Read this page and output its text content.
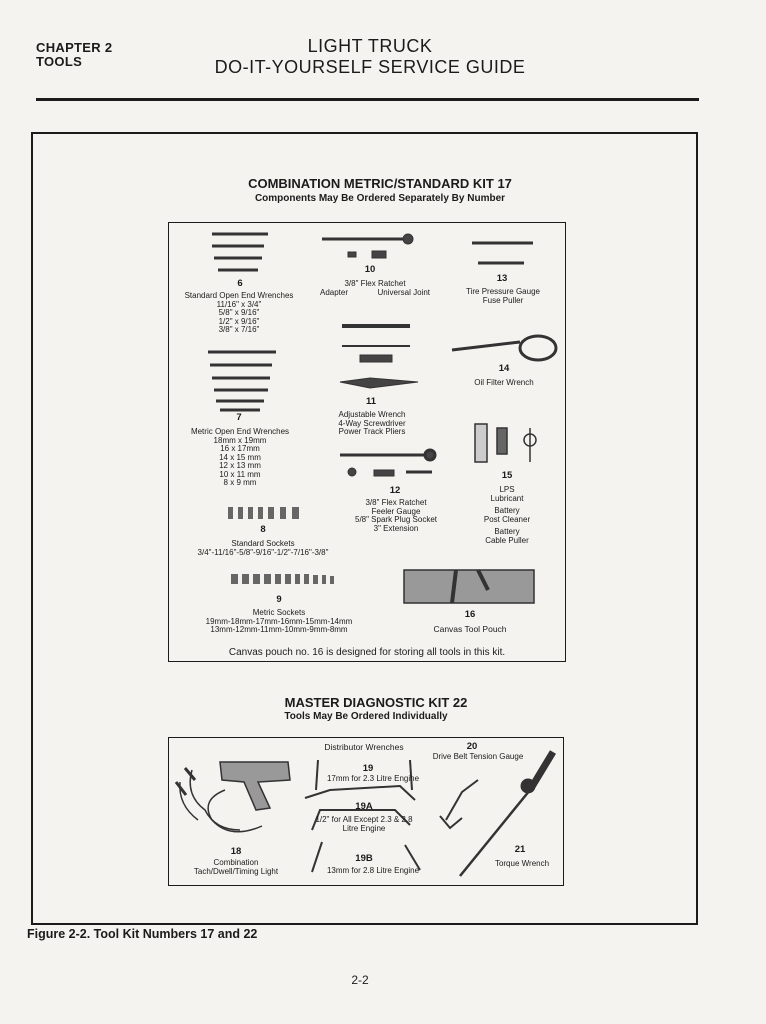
CHAPTER 2
TOOLS
LIGHT TRUCK
DO-IT-YOURSELF SERVICE GUIDE
COMBINATION METRIC/STANDARD KIT 17
Components May Be Ordered Separately By Number
6
Standard Open End Wrenches
11/16" x 3/4"
5/8" x 9/16"
1/2" x 9/16"
3/8" x 7/16"
10
3/8" Flex Ratchet
Adapter	Universal Joint
13
Tire Pressure Gauge
Fuse Puller
14
Oil Filter Wrench
7
Metric Open End Wrenches
18mm x 19mm
16 x 17mm
14 x 15 mm
12 x 13 mm
10 x 11 mm
8 x 9 mm
11
Adjustable Wrench
4-Way Screwdriver
Power Track Pliers
12
3/8" Flex Ratchet
Feeler Gauge
5/8" Spark Plug Socket
3" Extension
15
LPS
Lubricant
Battery
Post Cleaner
Battery
Cable Puller
8
Standard Sockets
3/4"-11/16"-5/8"-9/16"-1/2"-7/16"-3/8"
9
Metric Sockets
19mm-18mm-17mm-16mm-15mm-14mm
13mm-12mm-11mm-10mm-9mm-8mm
16
Canvas Tool Pouch
Canvas pouch no. 16 is designed for storing all tools in this kit.
MASTER DIAGNOSTIC KIT 22
Tools May Be Ordered Individually
Distributor Wrenches	20
Drive Belt Tension Gauge
19
17mm for 2.3 Litre Engine
19A
1/2" for All Except 2.3 & 2.8
Litre Engine
18
Combination
Tach/Dwell/Timing Light
19B
13mm for 2.8 Litre Engine
21
Torque Wrench
Figure 2-2. Tool Kit Numbers 17 and 22
2-2
